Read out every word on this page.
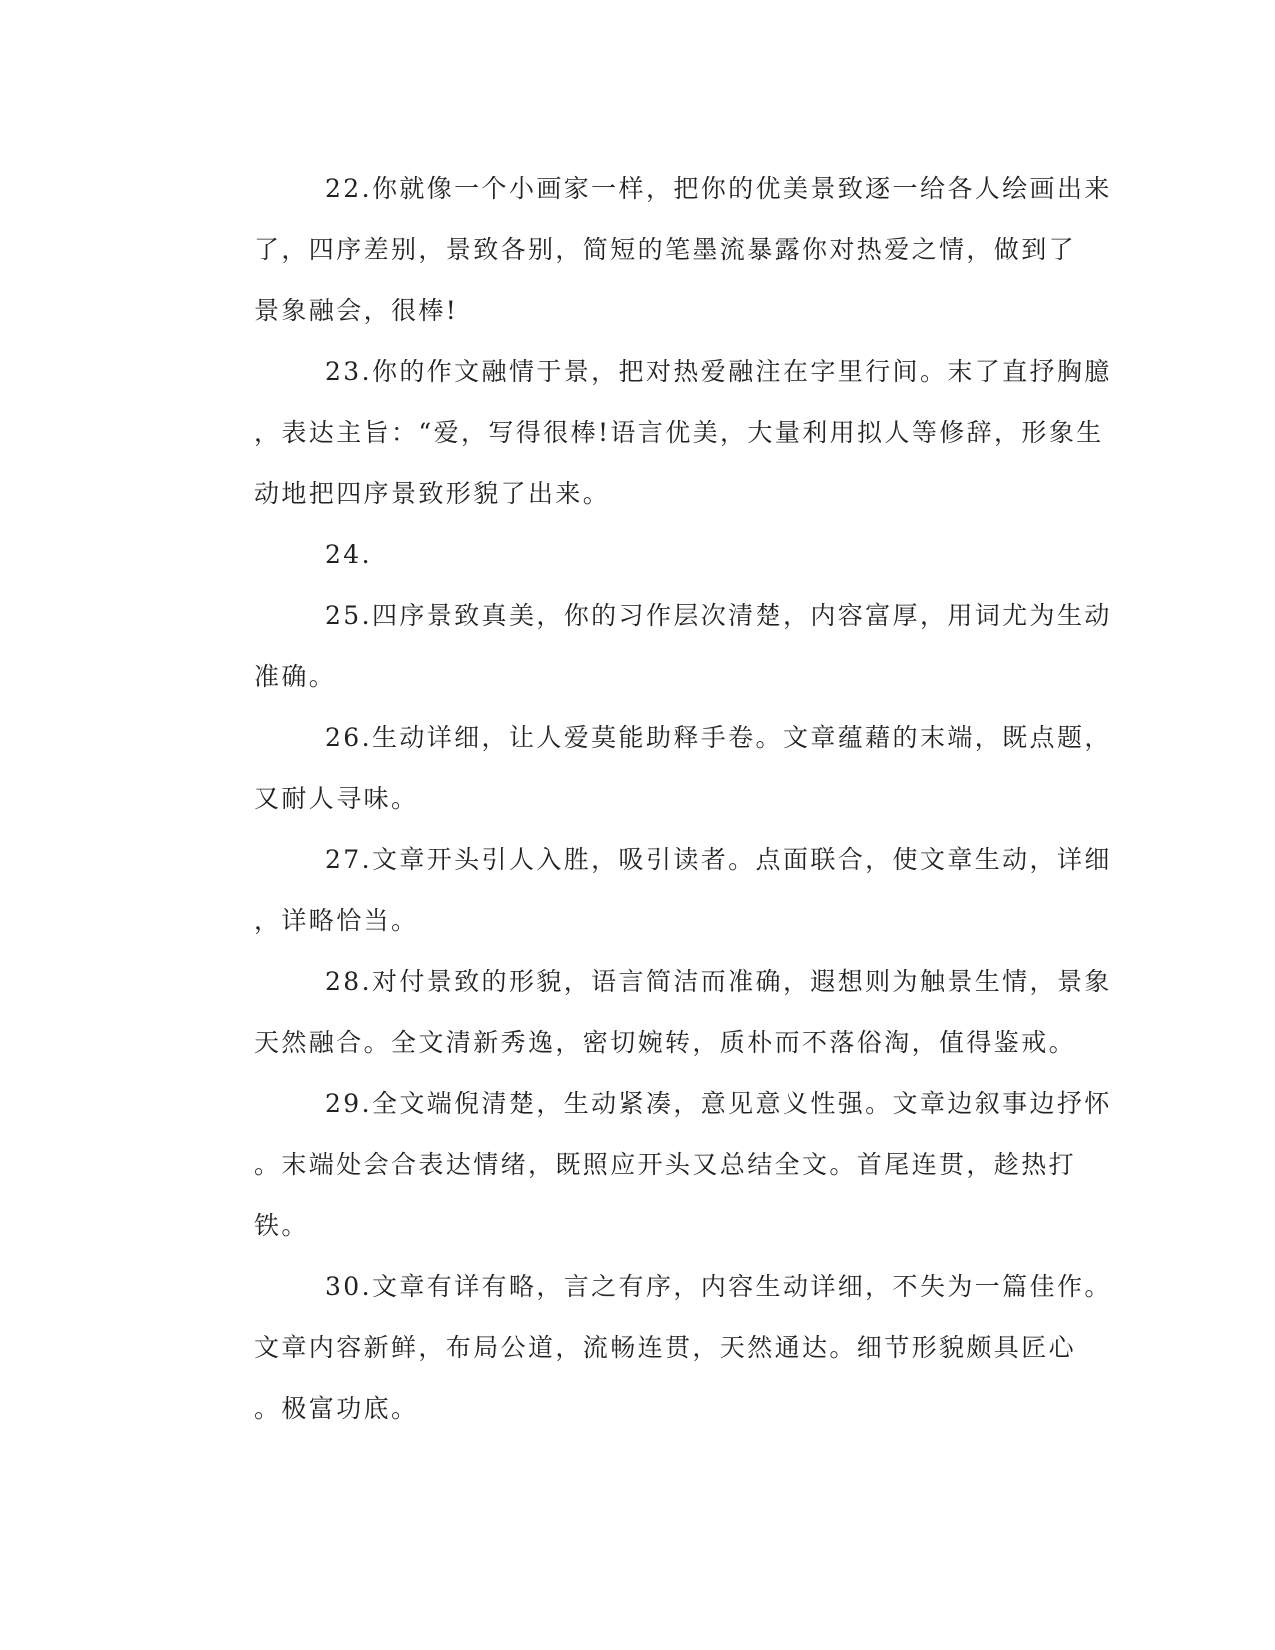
22.你就像一个小画家一样，把你的优美景致逐一给各人绘画出来
了，四序差别，景致各别，简短的笔墨流暴露你对热爱之情，做到了
景象融会，很棒!
23.你的作文融情于景，把对热爱融注在字里行间。末了直抒胸臆
，表达主旨：“爱，写得很棒!语言优美，大量利用拟人等修辞，形象生
动地把四序景致形貌了出来。
24.
25.四序景致真美，你的习作层次清楚，内容富厚，用词尤为生动
准确。
26.生动详细，让人爱莫能助释手卷。文章蕴藉的末端，既点题，
又耐人寻味。
27.文章开头引人入胜，吸引读者。点面联合，使文章生动，详细
，详略恰当。
28.对付景致的形貌，语言简洁而准确，遐想则为触景生情，景象
天然融合。全文清新秀逸，密切婉转，质朴而不落俗淘，值得鉴戒。
29.全文端倪清楚，生动紧凑，意见意义性强。文章边叙事边抒怀
。末端处会合表达情绪，既照应开头又总结全文。首尾连贯，趁热打
铁。
30.文章有详有略，言之有序，内容生动详细，不失为一篇佳作。
文章内容新鲜，布局公道，流畅连贯，天然通达。细节形貌颇具匠心
。极富功底。
